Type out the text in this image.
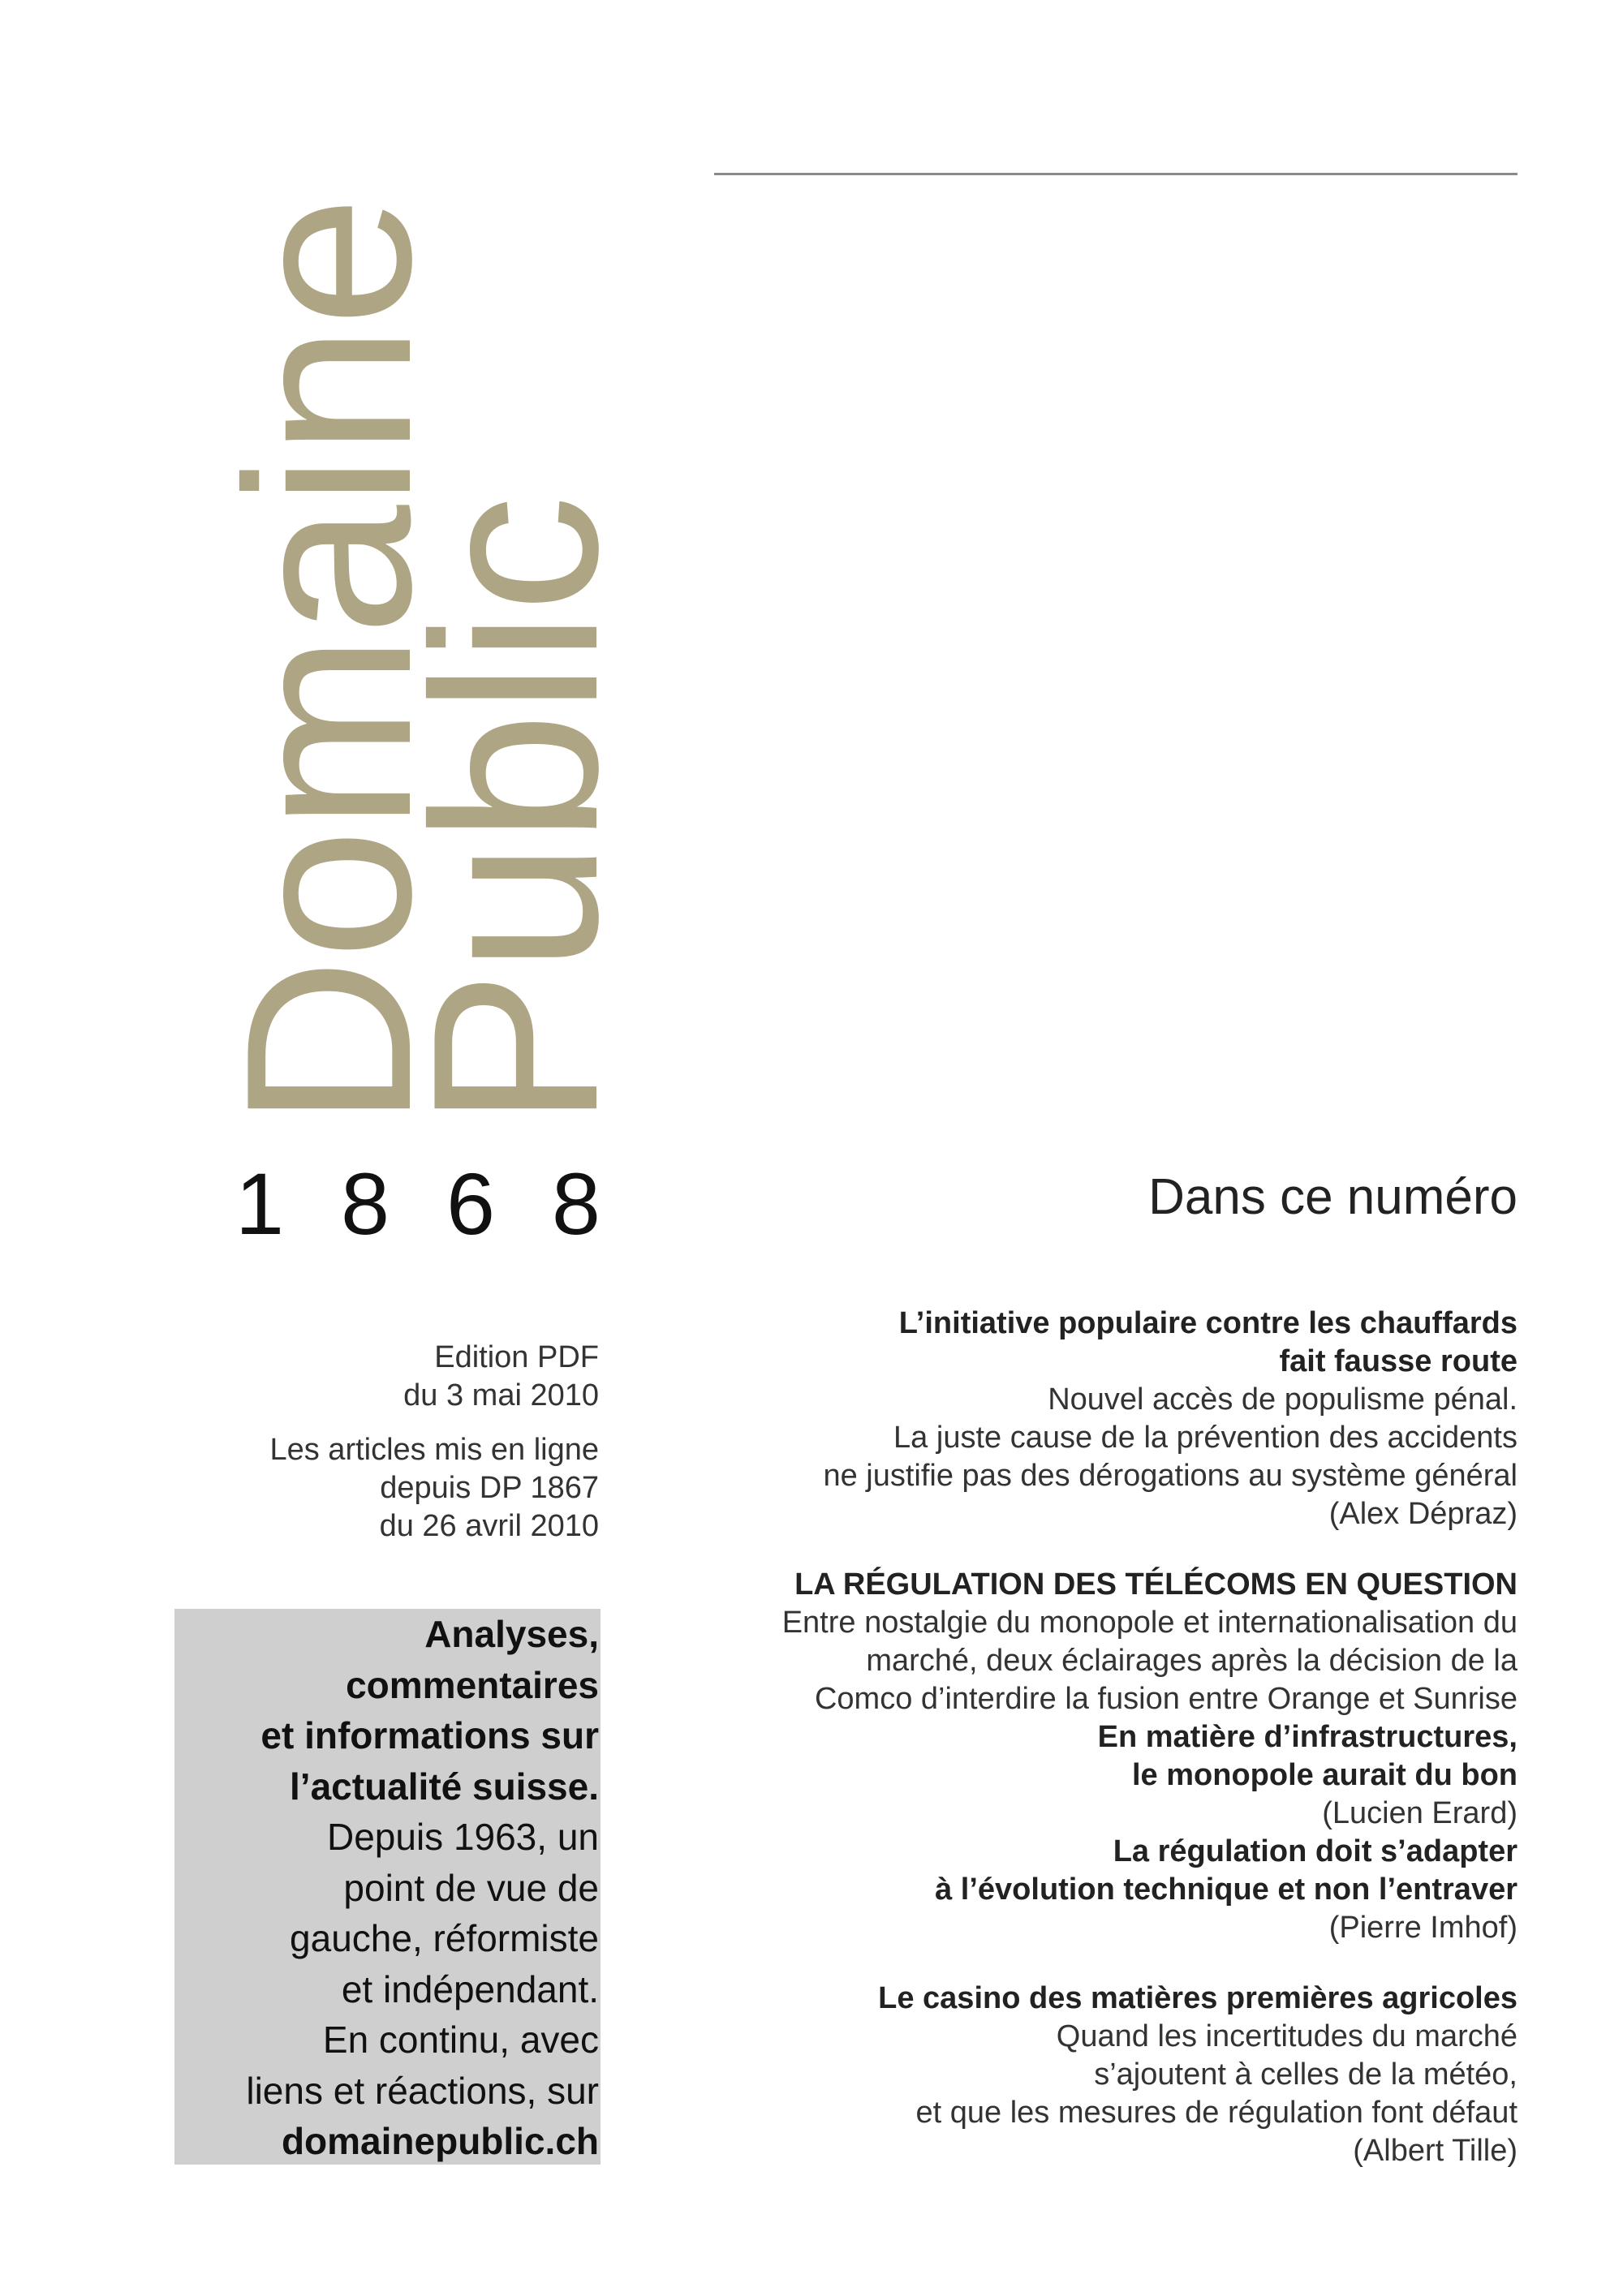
Domaine
Public
1 8 6 8

Edition PDF
du 3 mai 2010

Les articles mis en ligne
depuis DP 1867
du 26 avril 2010

Analyses,
commentaires
et informations sur
l’actualité suisse.
Depuis 1963, un
point de vue de
gauche, réformiste
et indépendant.
En continu, avec
liens et réactions, sur
domainepublic.ch
Dans ce numéro
L’initiative populaire contre les chauffards
fait fausse route
Nouvel accès de populisme pénal.
La juste cause de la prévention des accidents
ne justifie pas des dérogations au système général
(Alex Dépraz)
LA RÉGULATION DES TÉLÉCOMS EN QUESTION
Entre nostalgie du monopole et internationalisation du
marché, deux éclairages après la décision de la
Comco d’interdire la fusion entre Orange et Sunrise
En matière d’infrastructures,
le monopole aurait du bon
(Lucien Erard)
La régulation doit s’adapter
à l’évolution technique et non l’entraver
(Pierre Imhof)
Le casino des matières premières agricoles
Quand les incertitudes du marché
s’ajoutent à celles de la météo,
et que les mesures de régulation font défaut
(Albert Tille)
